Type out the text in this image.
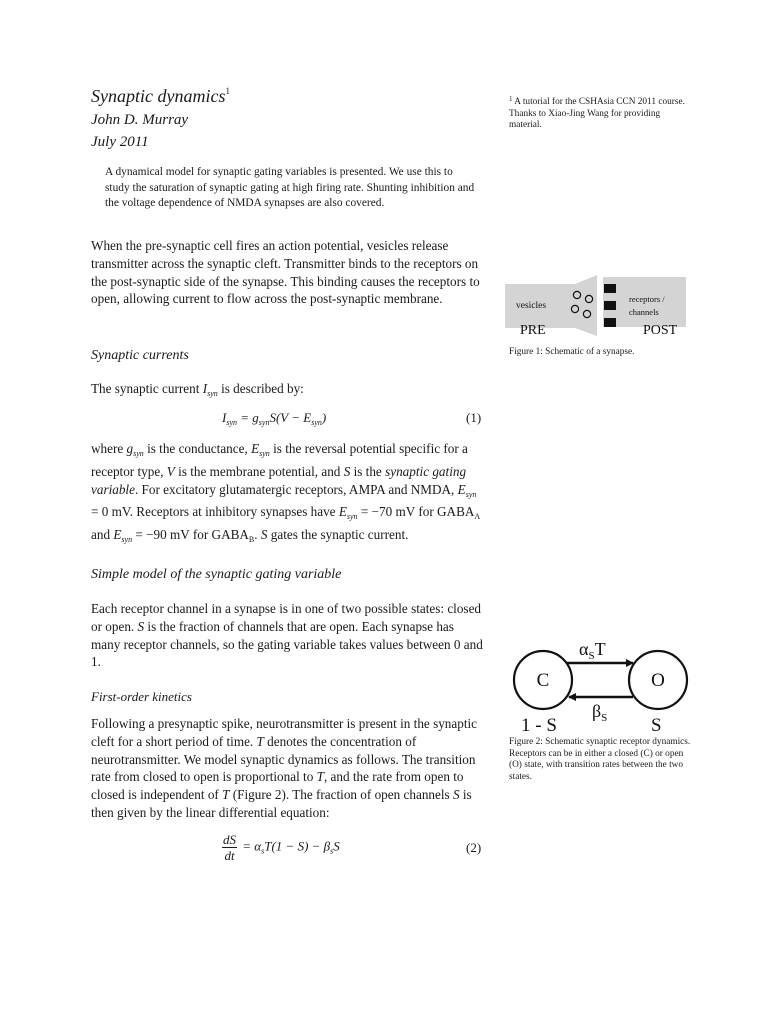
Synaptic dynamics$^1$
John D. Murray
July 2011
A dynamical model for synaptic gating variables is presented. We use this to study the saturation of synaptic gating at high firing rate. Shunting inhibition and the voltage dependence of NMDA synapses are also covered.
When the pre-synaptic cell fires an action potential, vesicles release transmitter across the synaptic cleft. Transmitter binds to the receptors on the post-synaptic side of the synapse. This binding causes the receptors to open, allowing current to flow across the post-synaptic membrane.
Synaptic currents
The synaptic current $I_{syn}$ is described by:
$I_{syn} = g_{syn}S(V - E_{syn})$	(1)
where $g_{syn}$ is the conductance, $E_{syn}$ is the reversal potential specific for a receptor type, V is the membrane potential, and S is the synaptic gating variable. For excitatory glutamatergic receptors, AMPA and NMDA, $E_{syn} = 0$ mV. Receptors at inhibitory synapses have $E_{syn} = -70$ mV for $GABA_A$ and $E_{syn} = -90$ mV for $GABA_B$. S gates the synaptic current.
Simple model of the synaptic gating variable
Each receptor channel in a synapse is in one of two possible states: closed or open. S is the fraction of channels that are open. Each synapse has many receptor channels, so the gating variable takes values between 0 and 1.
First-order kinetics
Following a presynaptic spike, neurotransmitter is present in the synaptic cleft for a short period of time. T denotes the concentration of neurotransmitter. We model synaptic dynamics as follows. The transition rate from closed to open is proportional to T, and the rate from open to closed is independent of T (Figure 2). The fraction of open channels S is then given by the linear differential equation:
$\frac{dS}{dt} = \alpha_sT(1 - S) - \beta_sS$	(2)
$^1$ A tutorial for the CSHAsia CCN 2011 course. Thanks to Xiao-Jing Wang for providing material.
vesicles
receptors /
channels
PRE	POST
Figure 1: Schematic of a synapse.
C	O
$\alpha_ST$
$\beta_S$
1 - S	S
Figure 2: Schematic synaptic receptor dynamics. Receptors can be in either a closed (C) or open (O) state, with transition rates between the two states.
